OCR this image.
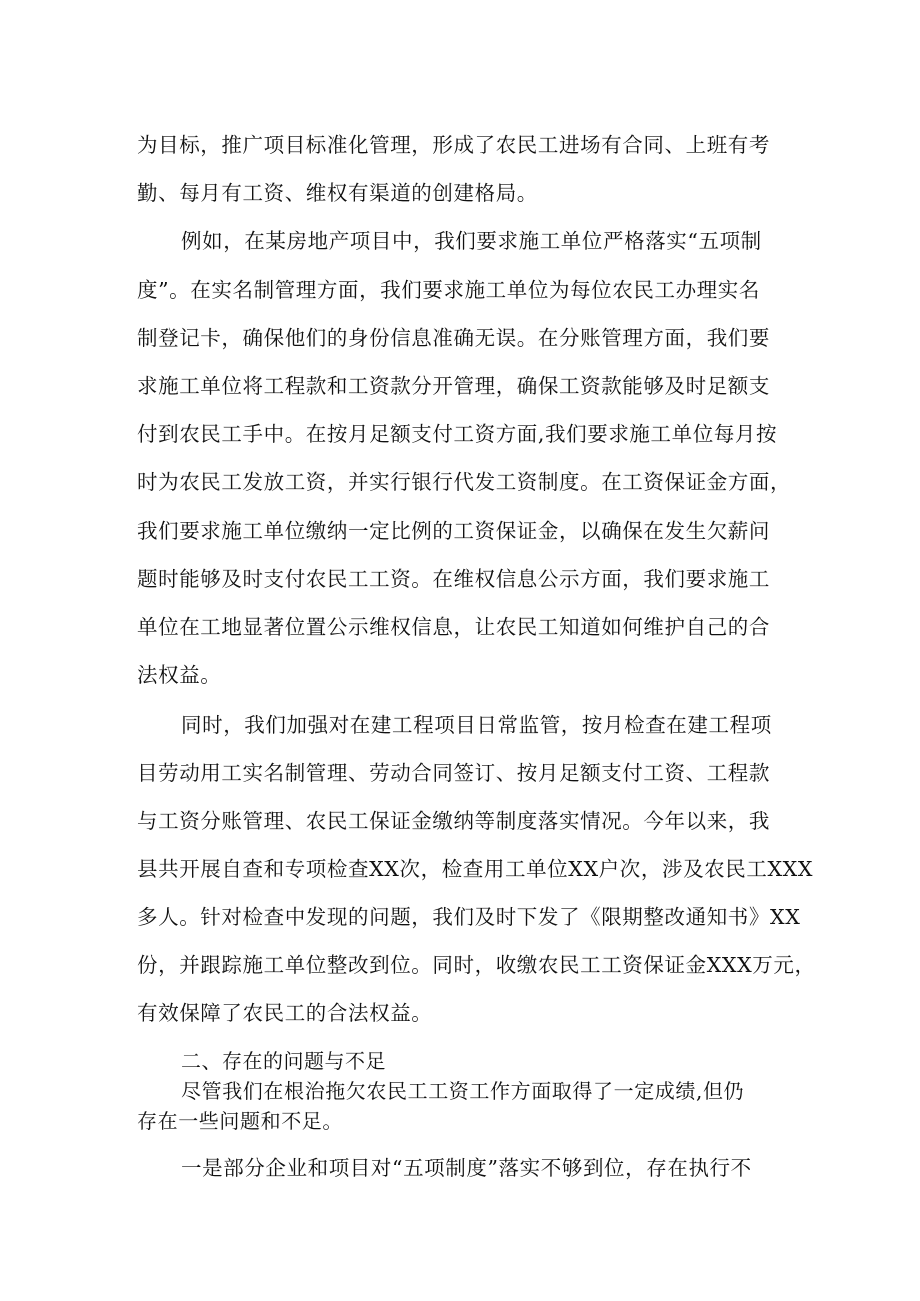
为目标，推广项目标准化管理，形成了农民工进场有合同、上班有考
勤、每月有工资、维权有渠道的创建格局。
例如，在某房地产项目中，我们要求施工单位严格落实“五项制
度”。在实名制管理方面，我们要求施工单位为每位农民工办理实名
制登记卡，确保他们的身份信息准确无误。在分账管理方面，我们要
求施工单位将工程款和工资款分开管理，确保工资款能够及时足额支
付到农民工手中。在按月足额支付工资方面,我们要求施工单位每月按
时为农民工发放工资，并实行银行代发工资制度。在工资保证金方面，
我们要求施工单位缴纳一定比例的工资保证金，以确保在发生欠薪问
题时能够及时支付农民工工资。在维权信息公示方面，我们要求施工
单位在工地显著位置公示维权信息，让农民工知道如何维护自己的合
法权益。
同时，我们加强对在建工程项目日常监管，按月检查在建工程项
目劳动用工实名制管理、劳动合同签订、按月足额支付工资、工程款
与工资分账管理、农民工保证金缴纳等制度落实情况。今年以来，我
县共开展自查和专项检查XX次，检查用工单位XX户次，涉及农民工XXX
多人。针对检查中发现的问题，我们及时下发了《限期整改通知书》XX
份，并跟踪施工单位整改到位。同时，收缴农民工工资保证金XXX万元，
有效保障了农民工的合法权益。
二、存在的问题与不足
尽管我们在根治拖欠农民工工资工作方面取得了一定成绩,但仍
存在一些问题和不足。
一是部分企业和项目对“五项制度”落实不够到位，存在执行不
